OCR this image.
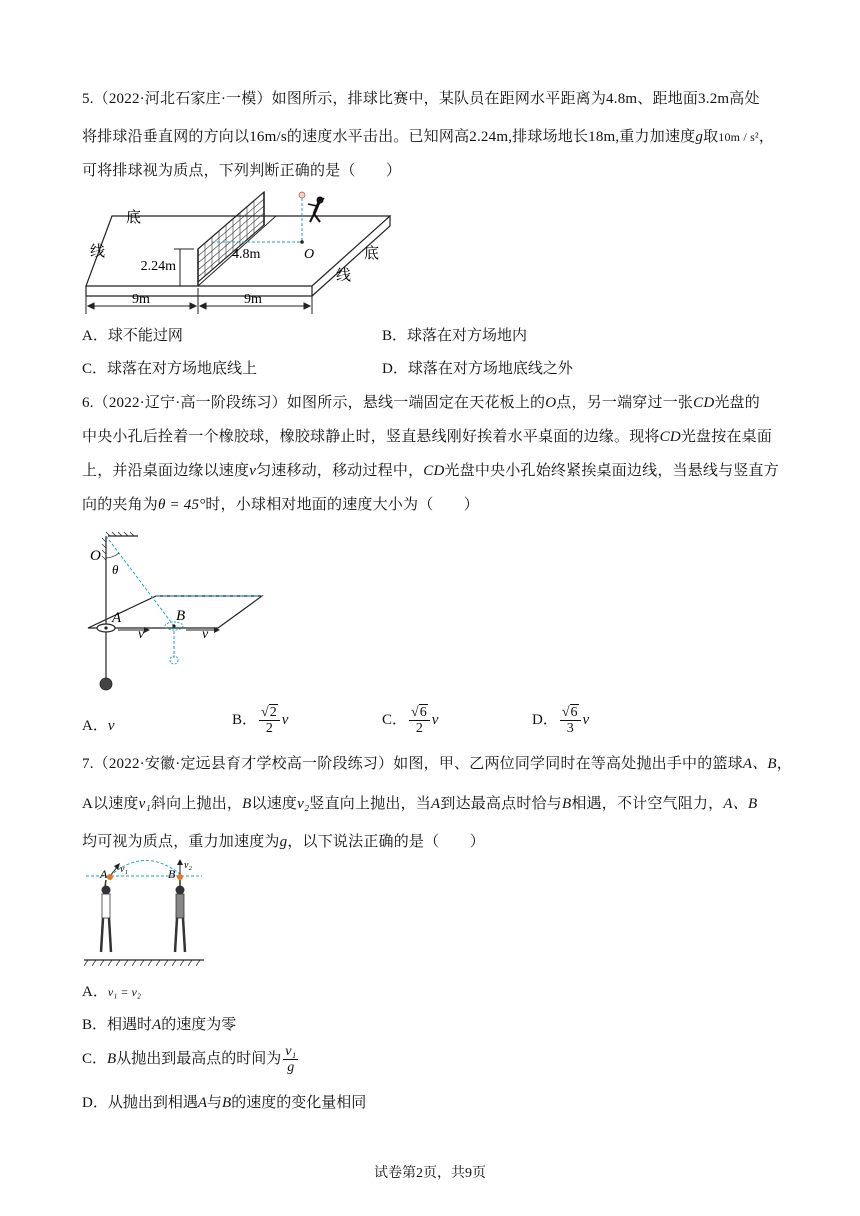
5.（2022·河北石家庄·一模）如图所示，排球比赛中，某队员在距网水平距离为4.8m、距地面3.2m高处
将排球沿垂直网的方向以16m/s的速度水平击出。已知网高2.24m,排球场地长18m,重力加速度g取10m / s²，
可将排球视为质点，下列判断正确的是（　　）
2.24m
4.8m	O
底
线	底
线
9m	9m
A．球不能过网	B．球落在对方场地内
C．球落在对方场地底线上	D．球落在对方场地底线之外
6.（2022·辽宁·高一阶段练习）如图所示，悬线一端固定在天花板上的O点，另一端穿过一张CD光盘的
中央小孔后拴着一个橡胶球，橡胶球静止时，竖直悬线刚好挨着水平桌面的边缘。现将CD光盘按在桌面
上，并沿桌面边缘以速度v匀速移动，移动过程中，CD光盘中央小孔始终紧挨桌面边线，当悬线与竖直方
向的夹角为θ = 45°时，小球相对地面的速度大小为（　　）
O
θ
A	B
v	v
A．v	B． $\frac{√2}{2}$ v	C． $\frac{√6}{2}$ v	D． $\frac{√6}{3}$ v
7.（2022·安徽·定远县育才学校高一阶段练习）如图，甲、乙两位同学同时在等高处抛出手中的篮球A、B，
A以速度v₁斜向上抛出，B以速度v₂竖直向上抛出，当A到达最高点时恰与B相遇，不计空气阻力，A、B
均可视为质点，重力加速度为g，以下说法正确的是（　　）
A v₁	B
v₂
A．v₁ = v₂
B．相遇时A的速度为零
C．B从抛出到最高点的时间为 $\frac{\text{v₁}}{g}$
D．从抛出到相遇A与B的速度的变化量相同
试卷第2页，共9页
